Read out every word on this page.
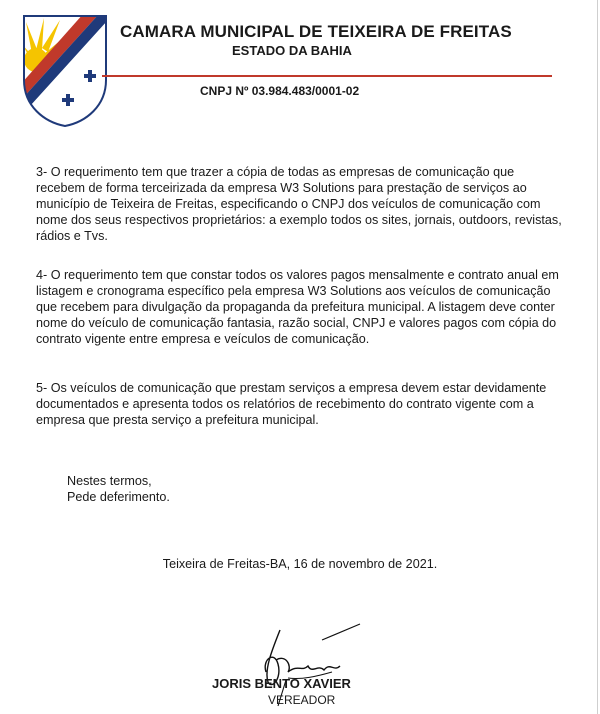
CAMARA MUNICIPAL DE TEIXEIRA DE FREITAS
ESTADO DA BAHIA
CNPJ Nº 03.984.483/0001-02

3- O requerimento tem que trazer a cópia de todas as empresas de comunicação que recebem de forma terceirizada da empresa W3 Solutions para prestação de serviços ao município de Teixeira de Freitas, especificando o CNPJ dos veículos de comunicação com nome dos seus respectivos proprietários: a exemplo todos os sites, jornais, outdoors, revistas, rádios e Tvs.

4- O requerimento tem que constar todos os valores pagos mensalmente e contrato anual em listagem e cronograma específico pela empresa W3 Solutions aos veículos de comunicação que recebem para divulgação da propaganda da prefeitura municipal. A listagem deve conter nome do veículo de comunicação fantasia, razão social, CNPJ e valores pagos com cópia do contrato vigente entre empresa e veículos de comunicação.

5- Os veículos de comunicação que prestam serviços a empresa devem estar devidamente documentados e apresenta todos os relatórios de recebimento do contrato vigente com a empresa que presta serviço a prefeitura municipal.

Nestes termos,
Pede deferimento.
Teixeira de Freitas-BA, 16 de novembro de 2021.
JORIS BENTO XAVIER
VEREADOR
